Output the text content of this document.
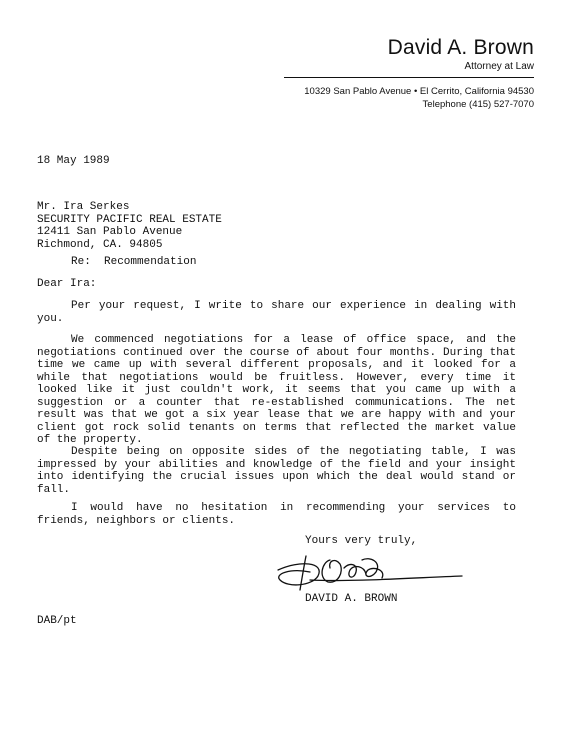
David A. Brown
Attorney at Law
10329 San Pablo Avenue • El Cerrito, California 94530
Telephone (415) 527-7070
18 May 1989
Mr. Ira Serkes
SECURITY PACIFIC REAL ESTATE
12411 San Pablo Avenue
Richmond, CA. 94805
Re:  Recommendation
Dear Ira:
Per your request, I write to share our experience in dealing with you.
We commenced negotiations for a lease of office space, and the negotiations continued over the course of about four months. During that time we came up with several different proposals, and it looked for a while that negotiations would be fruitless. However, every time it looked like it just couldn't work, it seems that you came up with a suggestion or a counter that re-established communications. The net result was that we got a six year lease that we are happy with and your client got rock solid tenants on terms that reflected the market value of the property.
Despite being on opposite sides of the negotiating table, I was impressed by your abilities and knowledge of the field and your insight into identifying the crucial issues upon which the deal would stand or fall.
I would have no hesitation in recommending your services to friends, neighbors or clients.
Yours very truly,
DAVID A. BROWN
DAB/pt
